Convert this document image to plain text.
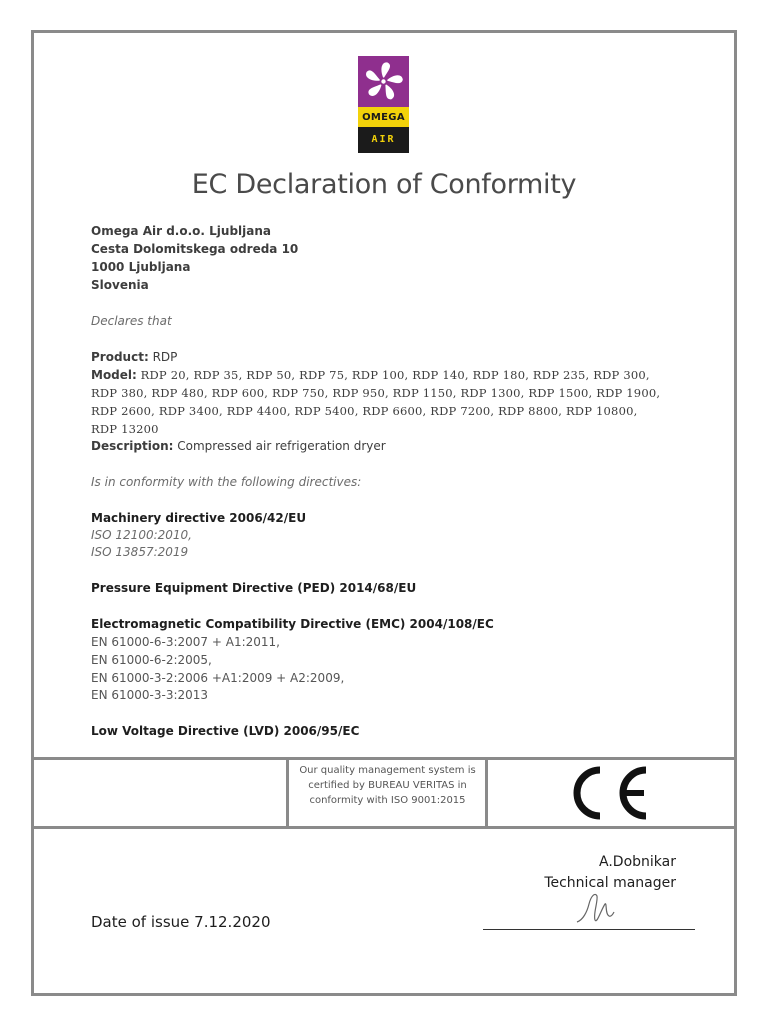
OMEGA
AIR
EC Declaration of Conformity
Omega Air d.o.o. Ljubljana
Cesta Dolomitskega odreda 10
1000 Ljubljana
Slovenia
Declares that
Product: RDP
Model: RDP 20, RDP 35, RDP 50, RDP 75, RDP 100, RDP 140, RDP 180, RDP 235, RDP 300,
RDP 380, RDP 480, RDP 600, RDP 750, RDP 950, RDP 1150, RDP 1300, RDP 1500, RDP 1900,
RDP 2600, RDP 3400, RDP 4400, RDP 5400, RDP 6600, RDP 7200, RDP 8800, RDP 10800,
RDP 13200
Description: Compressed air refrigeration dryer
Is in conformity with the following directives:
Machinery directive 2006/42/EU
ISO 12100:2010,
ISO 13857:2019
Pressure Equipment Directive (PED) 2014/68/EU
Electromagnetic Compatibility Directive (EMC) 2004/108/EC
EN 61000-6-3:2007 + A1:2011,
EN 61000-6-2:2005,
EN 61000-3-2:2006 +A1:2009 + A2:2009,
EN 61000-3-3:2013
Low Voltage Directive (LVD) 2006/95/EC
Our quality management system is
certified by BUREAU VERITAS in
conformity with ISO 9001:2015
A.Dobnikar
Technical manager
Date of issue 7.12.2020
